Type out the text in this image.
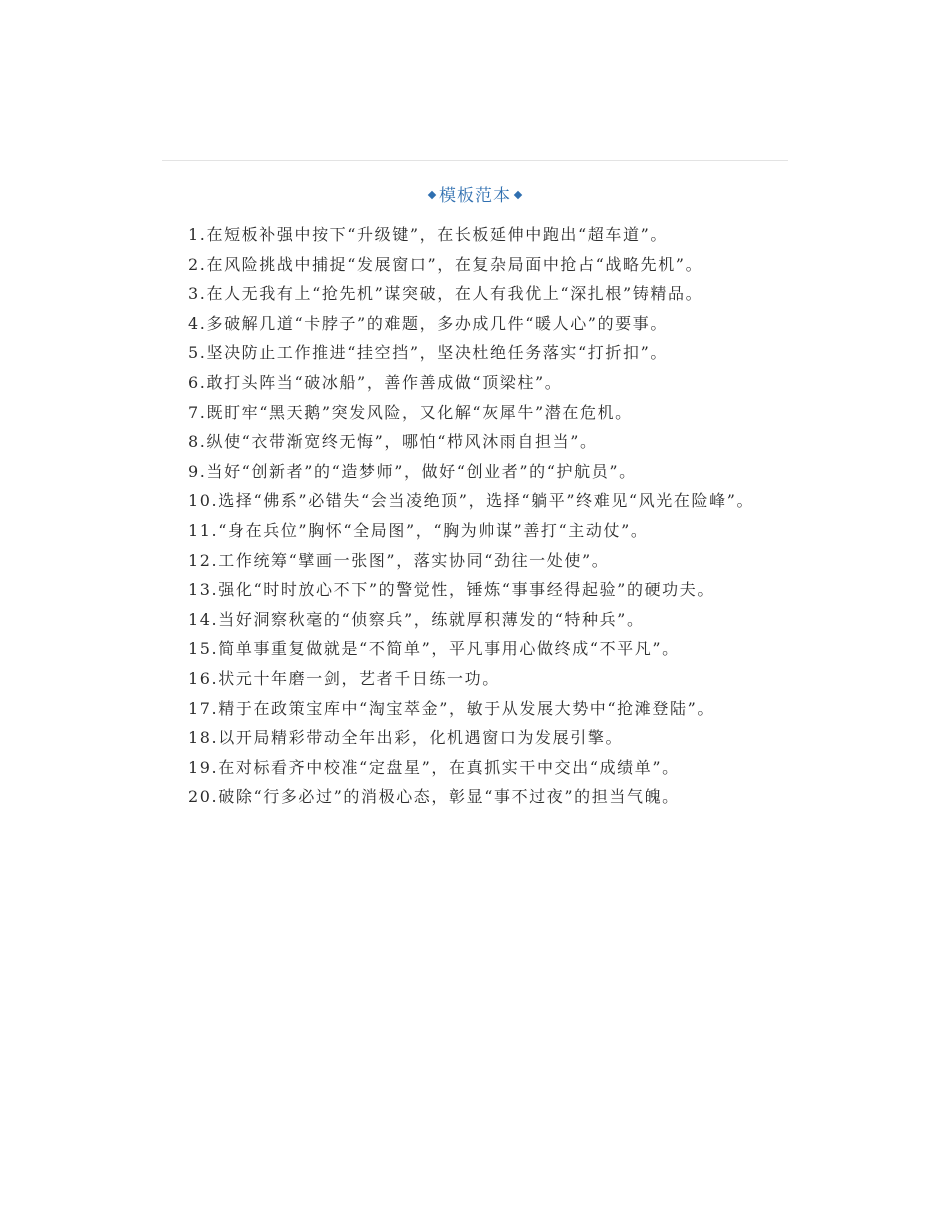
模板范本
1.在短板补强中按下“升级键”，在长板延伸中跑出“超车道”。
2.在风险挑战中捕捉“发展窗口”，在复杂局面中抢占“战略先机”。
3.在人无我有上“抢先机”谋突破，在人有我优上“深扎根”铸精品。
4.多破解几道“卡脖子”的难题，多办成几件“暖人心”的要事。
5.坚决防止工作推进“挂空挡”，坚决杜绝任务落实“打折扣”。
6.敢打头阵当“破冰船”，善作善成做“顶梁柱”。
7.既盯牢“黑天鹅”突发风险，又化解“灰犀牛”潜在危机。
8.纵使“衣带渐宽终无悔”，哪怕“栉风沐雨自担当”。
9.当好“创新者”的“造梦师”，做好“创业者”的“护航员”。
10.选择“佛系”必错失“会当凌绝顶”，选择“躺平”终难见“风光在险峰”。
11.“身在兵位”胸怀“全局图”，“胸为帅谋”善打“主动仗”。
12.工作统筹“擘画一张图”，落实协同“劲往一处使”。
13.强化“时时放心不下”的警觉性，锤炼“事事经得起验”的硬功夫。
14.当好洞察秋毫的“侦察兵”，练就厚积薄发的“特种兵”。
15.简单事重复做就是“不简单”，平凡事用心做终成“不平凡”。
16.状元十年磨一剑，艺者千日练一功。
17.精于在政策宝库中“淘宝萃金”，敏于从发展大势中“抢滩登陆”。
18.以开局精彩带动全年出彩，化机遇窗口为发展引擎。
19.在对标看齐中校准“定盘星”，在真抓实干中交出“成绩单”。
20.破除“行多必过”的消极心态，彰显“事不过夜”的担当气魄。
